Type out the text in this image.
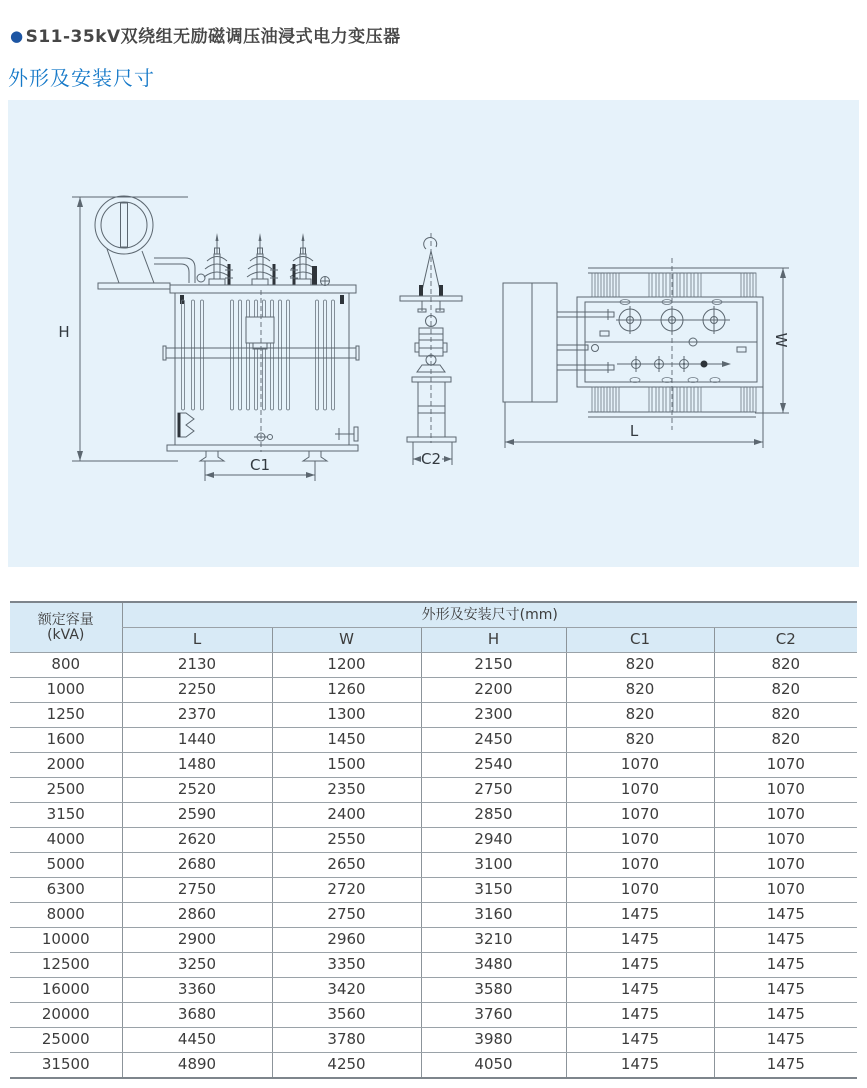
● S11-35kV双绕组无励磁调压油浸式电力变压器
外形及安装尺寸
H
C1	C2
W
L
额定容量
(kVA)	外形及安装尺寸(mm)				
	L	W	H	C1	C2
800	2130	1200	2150	820	820
1000	2250	1260	2200	820	820
1250	2370	1300	2300	820	820
1600	1440	1450	2450	820	820
2000	1480	1500	2540	1070	1070
2500	2520	2350	2750	1070	1070
3150	2590	2400	2850	1070	1070
4000	2620	2550	2940	1070	1070
5000	2680	2650	3100	1070	1070
6300	2750	2720	3150	1070	1070
8000	2860	2750	3160	1475	1475
10000	2900	2960	3210	1475	1475
12500	3250	3350	3480	1475	1475
16000	3360	3420	3580	1475	1475
20000	3680	3560	3760	1475	1475
25000	4450	3780	3980	1475	1475
31500	4890	4250	4050	1475	1475
